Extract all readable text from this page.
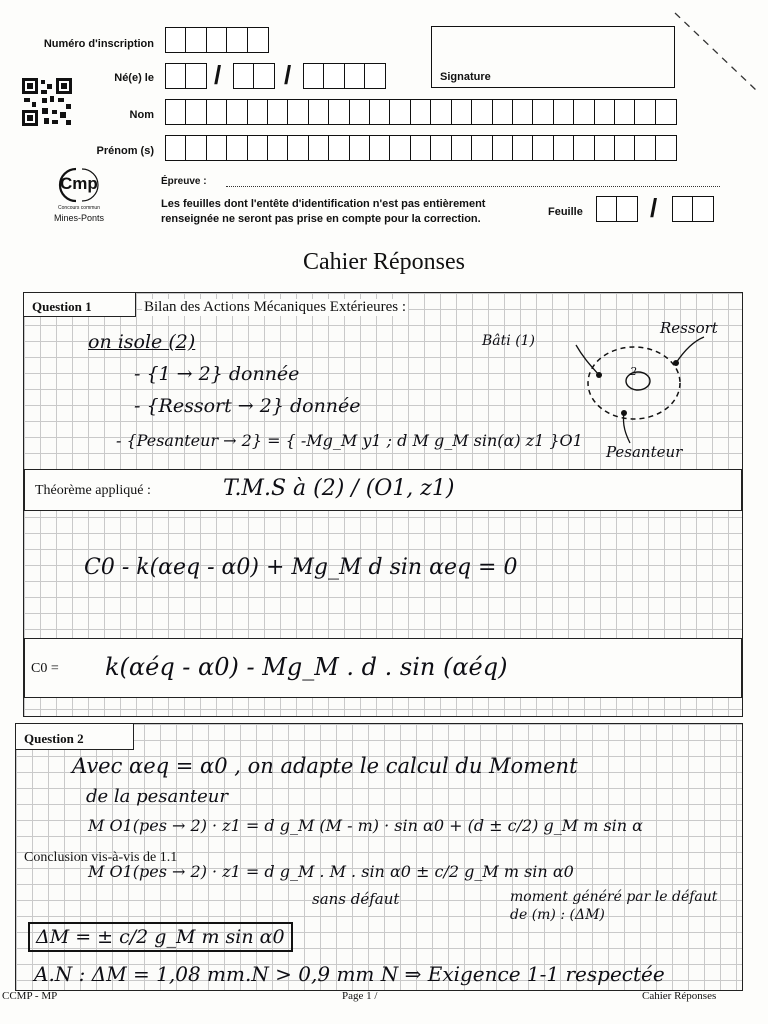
Numéro d'inscription
Né(e) le / /
Nom
Prénom (s)
Signature
Cmp
Concours commun
Mines-Ponts
Épreuve :
Les feuilles dont l'entête d'identification n'est pas entièrement
renseignée ne seront pas prise en compte pour la correction.
Feuille	/
Cahier Réponses
Question 1	Bilan des Actions Mécaniques Extérieures :
on isole (2)
- {1 → 2} donnée
- {Ressort → 2} donnée
- {Pesanteur → 2} = { -Mg_M y1 ; d M g_M sin(α) z1 }O1
Bâti (1)
Ressort
2
Pesanteur
Théorème appliqué :	T.M.S à (2) / (O1, z1)
C0 - k(αeq - α0) + Mg_M d sin αeq = 0
C0 = k(αéq - α0) - Mg_M . d . sin (αéq)
Question 2
Avec αeq = α0 , on adapte le calcul du Moment
de la pesanteur
M O1(pes → 2) · z1 = d g_M (M - m) · sin α0 + (d ± c/2) g_M m sin α
Conclusion vis-à-vis de 1.1
M O1(pes → 2) · z1 = d g_M . M . sin α0 ± c/2 g_M m sin α0
sans défaut	moment généré par le défaut de (m) : (ΔM)
ΔM = ± c/2 g_M m sin α0
A.N : ΔM = 1,08 mm.N > 0,9 mm N ⇒ Exigence 1-1 respectée
CCMP - MP	Page 1 /	Cahier Réponses
